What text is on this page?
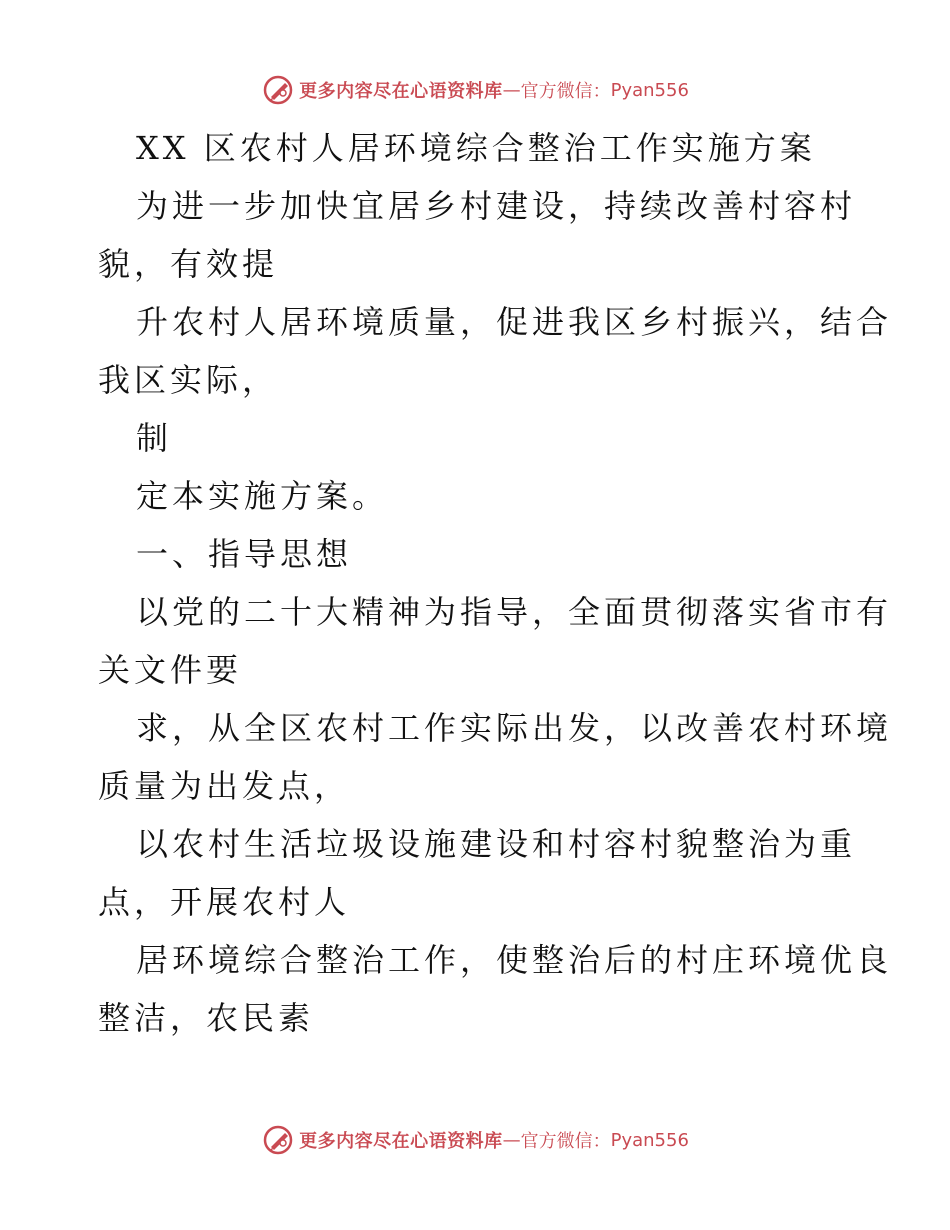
更多内容尽在心语资料库 — 官方微信： Pyan556
XX 区农村人居环境综合整治工作实施方案
为进一步加快宜居乡村建设，持续改善村容村
貌，有效提
升农村人居环境质量，促进我区乡村振兴，结合
我区实际，
制
定本实施方案。
一、指导思想
以党的二十大精神为指导，全面贯彻落实省市有
关文件要
求，从全区农村工作实际出发，以改善农村环境
质量为出发点，
以农村生活垃圾设施建设和村容村貌整治为重
点，开展农村人
居环境综合整治工作，使整治后的村庄环境优良
整洁，农民素
更多内容尽在心语资料库 — 官方微信： Pyan556
